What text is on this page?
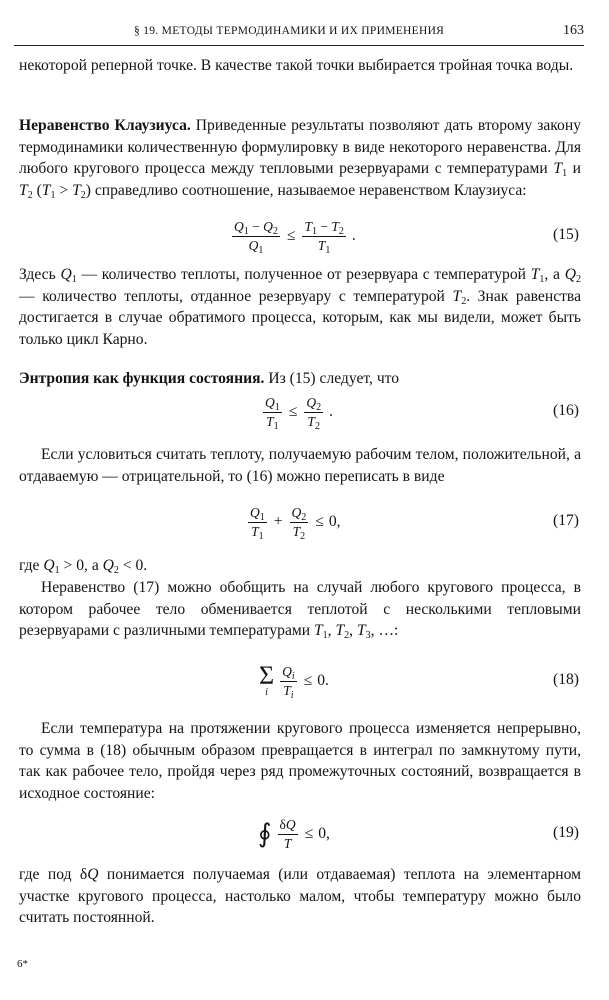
§ 19. МЕТОДЫ ТЕРМОДИНАМИКИ И ИХ ПРИМЕНЕНИЯ	163

некоторой реперной точке. В качестве такой точки выбирается тройная точка воды.

Неравенство Клаузиуса. Приведенные результаты позволяют дать второму закону термодинамики количественную формулировку в виде некоторого неравенства. Для любого кругового процесса между тепловыми резервуарами с температурами $T_1$ и $T_2$ $(T_1 > T_2)$ справедливо соотношение, называемое неравенством Клаузиуса:

$\frac{Q_1 - Q_2}{Q_1} \le \frac{T_1 - T_2}{T_1}$ .	(15)

Здесь $Q_1$ — количество теплоты, полученное от резервуара с температурой $T_1$, а $Q_2$ — количество теплоты, отданное резервуару с температурой $T_2$. Знак равенства достигается в случае обратимого процесса, которым, как мы видели, может быть только цикл Карно.

Энтропия как функция состояния. Из (15) следует, что

$\frac{Q_1}{T_1} \le \frac{Q_2}{T_2}$ .	(16)

Если условиться считать теплоту, получаемую рабочим телом, положительной, а отдаваемую — отрицательной, то (16) можно переписать в виде

$\frac{Q_1}{T_1} + \frac{Q_2}{T_2} \le 0$,	(17)

где $Q_1 > 0$, а $Q_2 < 0$.

Неравенство (17) можно обобщить на случай любого кругового процесса, в котором рабочее тело обменивается теплотой с несколькими тепловыми резервуарами с различными температурами $T_1$, $T_2$, $T_3$, …:

Σ
i $\frac{Q_i}{T_i} \le 0$.	(18)

Если температура на протяжении кругового процесса изменяется непрерывно, то сумма в (18) обычным образом превращается в интеграл по замкнутому пути, так как рабочее тело, пройдя через ряд промежуточных состояний, возвращается в исходное состояние:

∮ $\frac{\delta Q}{T} \le 0$,	(19)

где под δQ понимается получаемая (или отдаваемая) теплота на элементарном участке кругового процесса, настолько малом, чтобы температуру можно было считать постоянной.

6*
